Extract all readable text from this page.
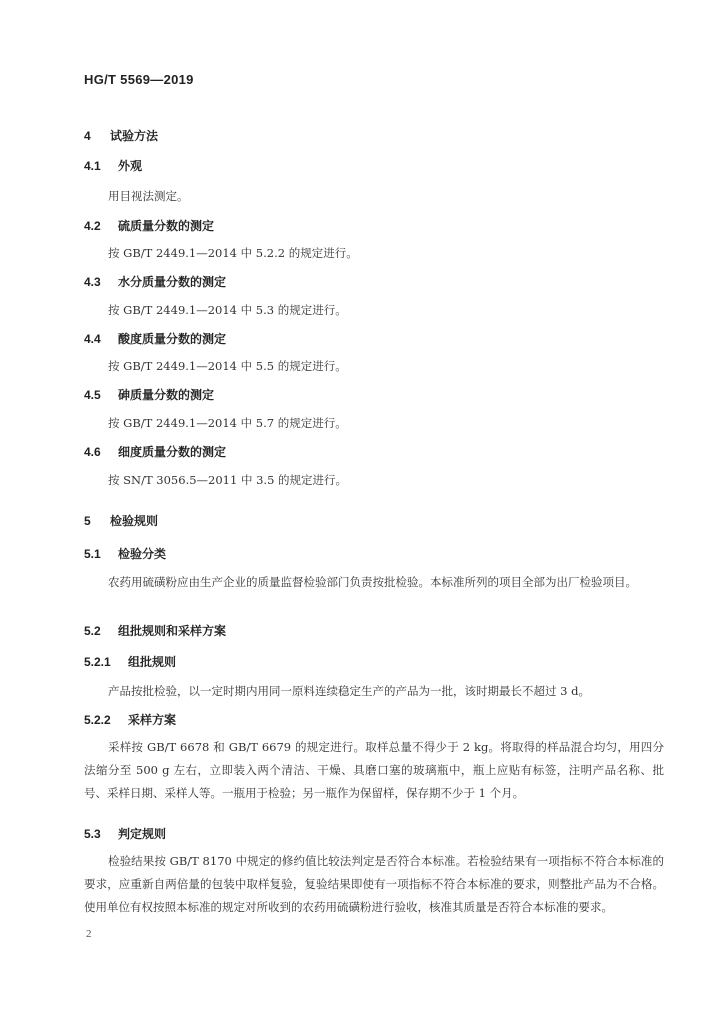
HG/T 5569—2019
4 试验方法
4.1 外观
用目视法测定。
4.2 硫质量分数的测定
按 GB/T 2449.1—2014 中 5.2.2 的规定进行。
4.3 水分质量分数的测定
按 GB/T 2449.1—2014 中 5.3 的规定进行。
4.4 酸度质量分数的测定
按 GB/T 2449.1—2014 中 5.5 的规定进行。
4.5 砷质量分数的测定
按 GB/T 2449.1—2014 中 5.7 的规定进行。
4.6 细度质量分数的测定
按 SN/T 3056.5—2011 中 3.5 的规定进行。
5 检验规则
5.1 检验分类
农药用硫磺粉应由生产企业的质量监督检验部门负责按批检验。本标准所列的项目全部为出厂检验项目。
5.2 组批规则和采样方案
5.2.1 组批规则
产品按批检验，以一定时期内用同一原料连续稳定生产的产品为一批，该时期最长不超过 3 d。
5.2.2 采样方案
采样按 GB/T 6678 和 GB/T 6679 的规定进行。取样总量不得少于 2 kg。将取得的样品混合均匀，用四分法缩分至 500 g 左右，立即装入两个清洁、干燥、具磨口塞的玻璃瓶中，瓶上应贴有标签，注明产品名称、批号、采样日期、采样人等。一瓶用于检验；另一瓶作为保留样，保存期不少于 1 个月。
5.3 判定规则
检验结果按 GB/T 8170 中规定的修约值比较法判定是否符合本标准。若检验结果有一项指标不符合本标准的要求，应重新自两倍量的包装中取样复验，复验结果即使有一项指标不符合本标准的要求，则整批产品为不合格。使用单位有权按照本标准的规定对所收到的农药用硫磺粉进行验收，核准其质量是否符合本标准的要求。
2
